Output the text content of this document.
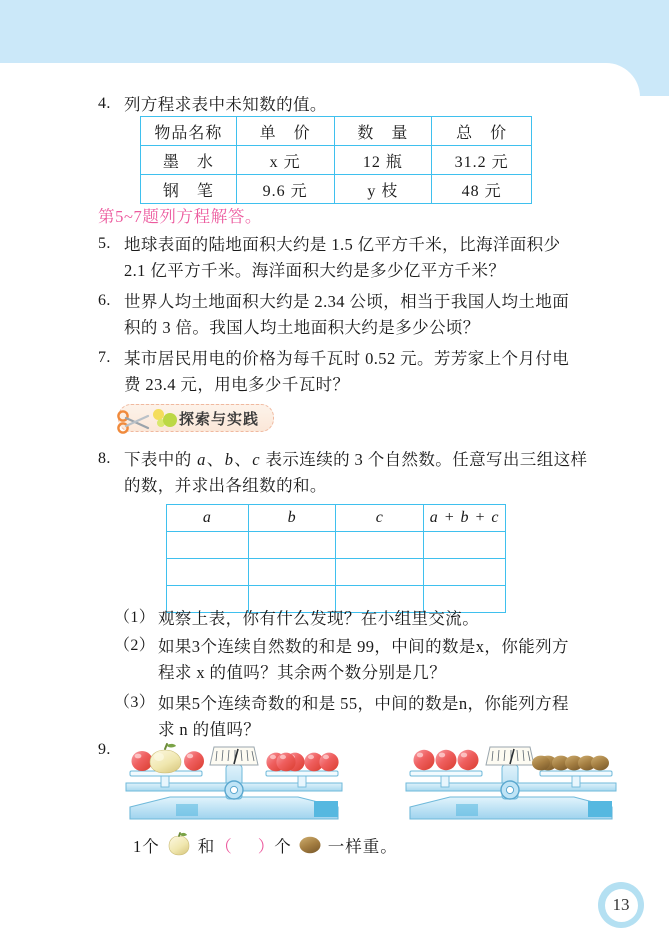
4. 列方程求表中未知数的值。
物品名称	单　价	数　量	总　价
墨　水	x 元	12 瓶	31.2 元
钢　笔	9.6 元	y 枝	48 元
第5~7题列方程解答。
5. 地球表面的陆地面积大约是 1.5 亿平方千米，比海洋面积少
2.1 亿平方千米。海洋面积大约是多少亿平方千米？
6. 世界人均土地面积大约是 2.34 公顷，相当于我国人均土地面
积的 3 倍。我国人均土地面积大约是多少公顷？
7. 某市居民用电的价格为每千瓦时 0.52 元。芳芳家上个月付电
费 23.4 元，用电多少千瓦时？
探索与实践
8. 下表中的 a、b、c 表示连续的 3 个自然数。任意写出三组这样
的数，并求出各组数的和。
a	b	c	a + b + c

（1） 观察上表，你有什么发现？在小组里交流。
（2） 如果3个连续自然数的和是 99，中间的数是x，你能列方
程求 x 的值吗？其余两个数分别是几？
（3） 如果5个连续奇数的和是 55，中间的数是n，你能列方程
求 n 的值吗？
9.
1个 和 （ ） 个 一样重。
13
